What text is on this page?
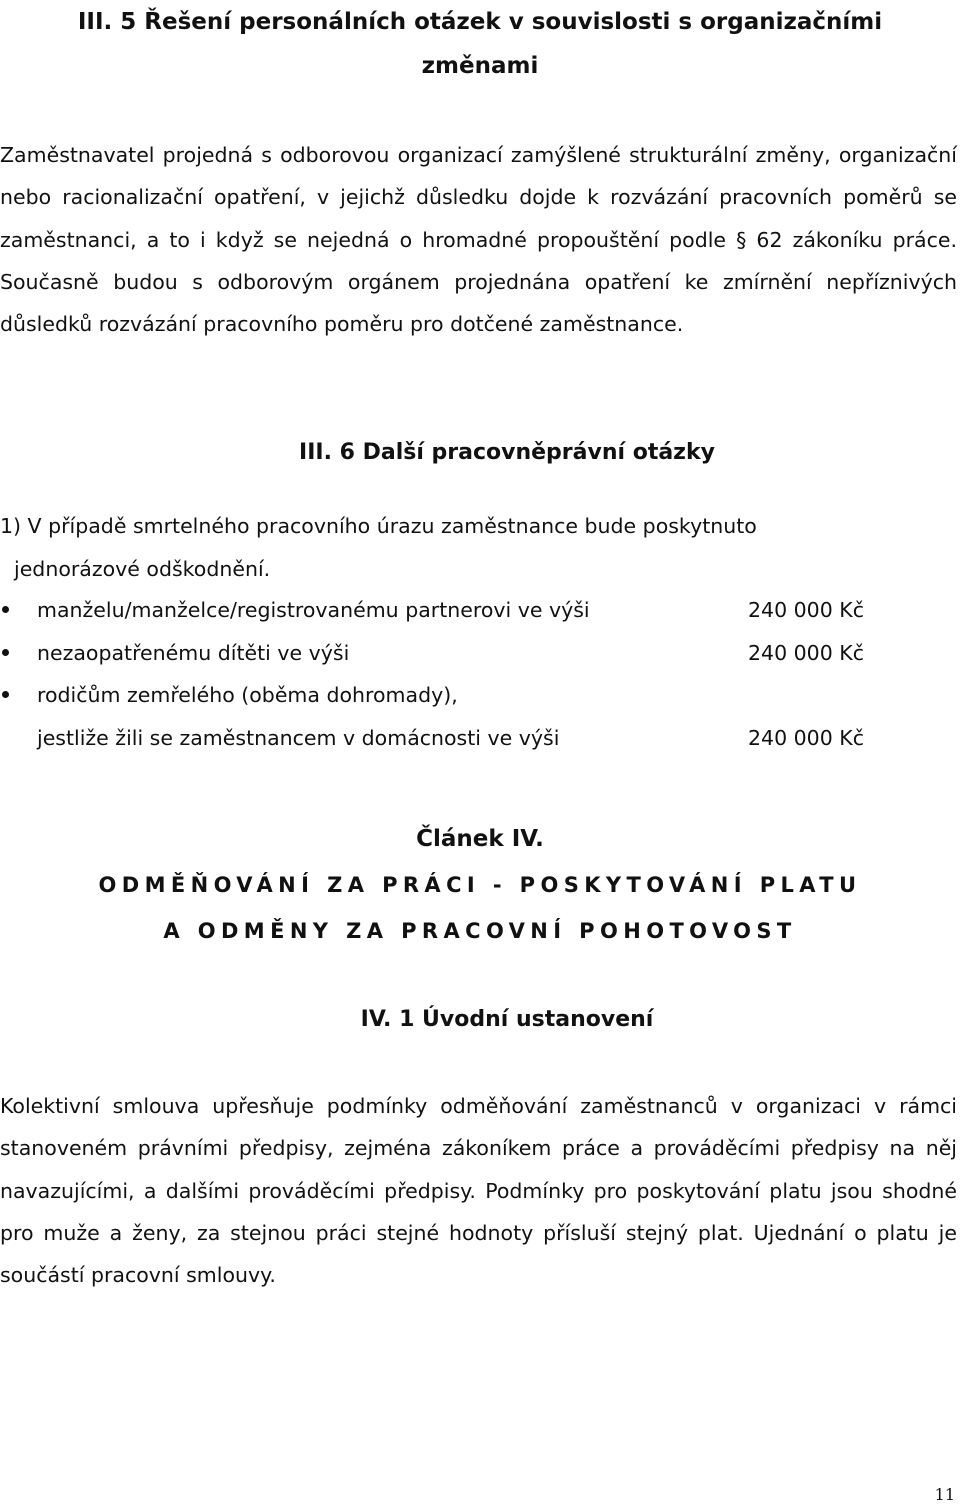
III. 5 Řešení personálních otázek v souvislosti s organizačními
změnami

Zaměstnavatel projedná s odborovou organizací zamýšlené strukturální změny, organizační nebo racionalizační opatření, v jejichž důsledku dojde k rozvázání pracovních poměrů se zaměstnanci, a to i když se nejedná o hromadné propouštění podle § 62 zákoníku práce. Současně budou s odborovým orgánem projednána opatření ke zmírnění nepříznivých důsledků rozvázání pracovního poměru pro dotčené zaměstnance.

III. 6 Další pracovněprávní otázky

1) V případě smrtelného pracovního úrazu zaměstnance bude poskytnuto
jednorázové odškodnění.

manželu/manželce/registrovanému partnerovi ve výši	240 000 Kč
nezaopatřenému dítěti ve výši	240 000 Kč
rodičům zemřelého (oběma dohromady),
jestliže žili se zaměstnancem v domácnosti ve výši	240 000 Kč
Článek IV.
ODMĚŇOVÁNÍ ZA PRÁCI - POSKYTOVÁNÍ PLATU
A ODMĚNY ZA PRACOVNÍ POHOTOVOST
IV. 1 Úvodní ustanovení

Kolektivní smlouva upřesňuje podmínky odměňování zaměstnanců v organizaci v rámci stanoveném právními předpisy, zejména zákoníkem práce a prováděcími předpisy na něj navazujícími, a dalšími prováděcími předpisy. Podmínky pro poskytování platu jsou shodné pro muže a ženy, za stejnou práci stejné hodnoty přísluší stejný plat. Ujednání o platu je součástí pracovní smlouvy.

11
